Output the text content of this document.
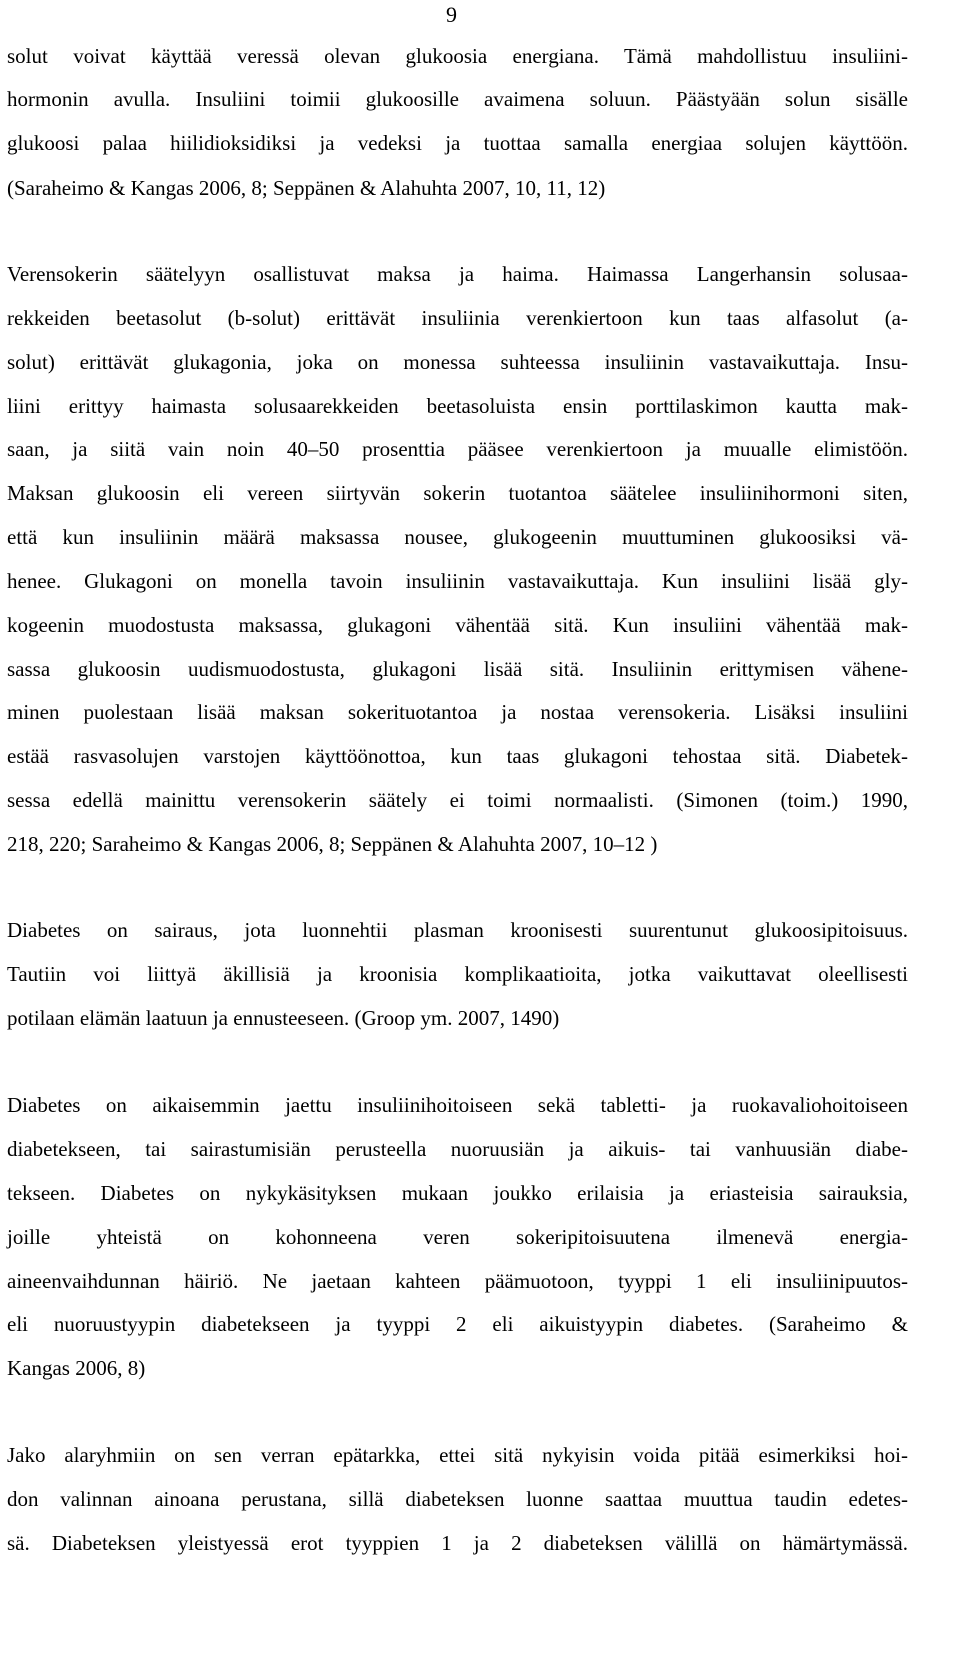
9
solut voivat käyttää veressä olevan glukoosia energiana. Tämä mahdollistuu insuliini-
hormonin avulla. Insuliini toimii glukoosille avaimena soluun. Päästyään solun sisälle
glukoosi palaa hiilidioksidiksi ja vedeksi ja tuottaa samalla energiaa solujen käyttöön.
(Saraheimo & Kangas 2006, 8; Seppänen & Alahuhta 2007, 10, 11, 12)
Verensokerin säätelyyn osallistuvat maksa ja haima. Haimassa Langerhansin solusaa-
rekkeiden beetasolut (b-solut) erittävät insuliinia verenkiertoon kun taas alfasolut (a-
solut) erittävät glukagonia, joka on monessa suhteessa insuliinin vastavaikuttaja. Insu-
liini erittyy haimasta solusaarekkeiden beetasoluista ensin porttilaskimon kautta mak-
saan, ja siitä vain noin 40–50 prosenttia pääsee verenkiertoon ja muualle elimistöön.
Maksan glukoosin eli vereen siirtyvän sokerin tuotantoa säätelee insuliinihormoni siten,
että kun insuliinin määrä maksassa nousee, glukogeenin muuttuminen glukoosiksi vä-
henee. Glukagoni on monella tavoin insuliinin vastavaikuttaja. Kun insuliini lisää gly-
kogeenin muodostusta maksassa, glukagoni vähentää sitä. Kun insuliini vähentää mak-
sassa glukoosin uudismuodostusta, glukagoni lisää sitä. Insuliinin erittymisen vähene-
minen puolestaan lisää maksan sokerituotantoa ja nostaa verensokeria. Lisäksi insuliini
estää rasvasolujen varstojen käyttöönottoa, kun taas glukagoni tehostaa sitä. Diabetek-
sessa edellä mainittu verensokerin säätely ei toimi normaalisti. (Simonen (toim.) 1990,
218, 220; Saraheimo & Kangas 2006, 8; Seppänen & Alahuhta 2007, 10–12 )
Diabetes on sairaus, jota luonnehtii plasman kroonisesti suurentunut glukoosipitoisuus.
Tautiin voi liittyä äkillisiä ja kroonisia komplikaatioita, jotka vaikuttavat oleellisesti
potilaan elämän laatuun ja ennusteeseen. (Groop ym. 2007, 1490)
Diabetes on aikaisemmin jaettu insuliinihoitoiseen sekä tabletti- ja ruokavaliohoitoiseen
diabetekseen, tai sairastumisiän perusteella nuoruusiän ja aikuis- tai vanhuusiän diabe-
tekseen. Diabetes on nykykäsityksen mukaan joukko erilaisia ja eriasteisia sairauksia,
joille yhteistä on kohonneena veren sokeripitoisuutena ilmenevä energia-
aineenvaihdunnan häiriö. Ne jaetaan kahteen päämuotoon, tyyppi 1 eli insuliinipuutos-
eli nuoruustyypin diabetekseen ja tyyppi 2 eli aikuistyypin diabetes. (Saraheimo &
Kangas 2006, 8)
Jako alaryhmiin on sen verran epätarkka, ettei sitä nykyisin voida pitää esimerkiksi hoi-
don valinnan ainoana perustana, sillä diabeteksen luonne saattaa muuttua taudin edetes-
sä. Diabeteksen yleistyessä erot tyyppien 1 ja 2 diabeteksen välillä on hämärtymässä.
